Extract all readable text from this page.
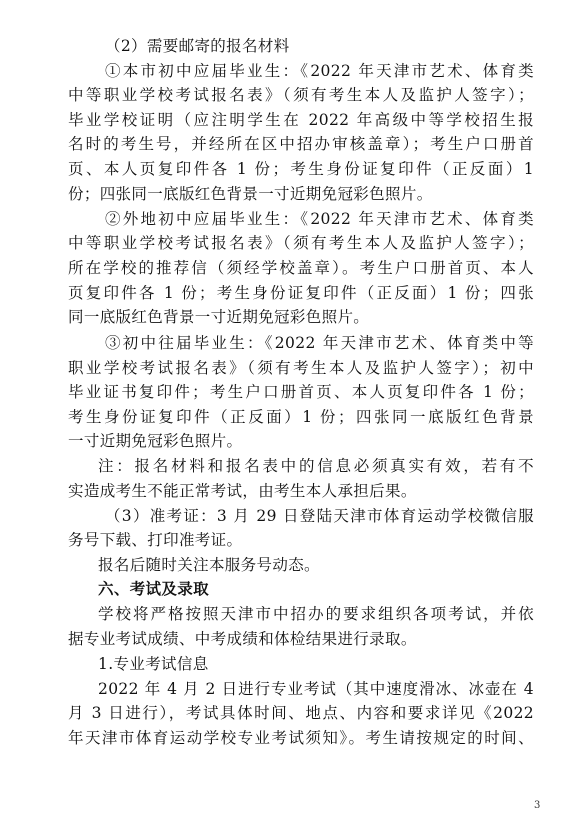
（2）需要邮寄的报名材料
①本市初中应届毕业生：《2022 年天津市艺术、体育类
中等职业学校考试报名表》（须有考生本人及监护人签字）；
毕业学校证明（应注明学生在 2022 年高级中等学校招生报
名时的考生号，并经所在区中招办审核盖章）；考生户口册首
页、本人页复印件各 1 份；考生身份证复印件（正反面）1
份；四张同一底版红色背景一寸近期免冠彩色照片。
②外地初中应届毕业生：《2022 年天津市艺术、体育类
中等职业学校考试报名表》（须有考生本人及监护人签字）；
所在学校的推荐信（须经学校盖章）。考生户口册首页、本人
页复印件各 1 份；考生身份证复印件（正反面）1 份；四张
同一底版红色背景一寸近期免冠彩色照片。
③初中往届毕业生：《2022 年天津市艺术、体育类中等
职业学校考试报名表》（须有考生本人及监护人签字）；初中
毕业证书复印件；考生户口册首页、本人页复印件各 1 份；
考生身份证复印件（正反面）1 份；四张同一底版红色背景
一寸近期免冠彩色照片。
注：报名材料和报名表中的信息必须真实有效，若有不
实造成考生不能正常考试，由考生本人承担后果。
（3）准考证：3 月 29 日登陆天津市体育运动学校微信服
务号下载、打印准考证。
报名后随时关注本服务号动态。
六、考试及录取
学校将严格按照天津市中招办的要求组织各项考试，并依
据专业考试成绩、中考成绩和体检结果进行录取。
1.专业考试信息
2022 年 4 月 2 日进行专业考试（其中速度滑冰、冰壶在 4
月 3 日进行），考试具体时间、地点、内容和要求详见《2022
年天津市体育运动学校专业考试须知》。考生请按规定的时间、
3
